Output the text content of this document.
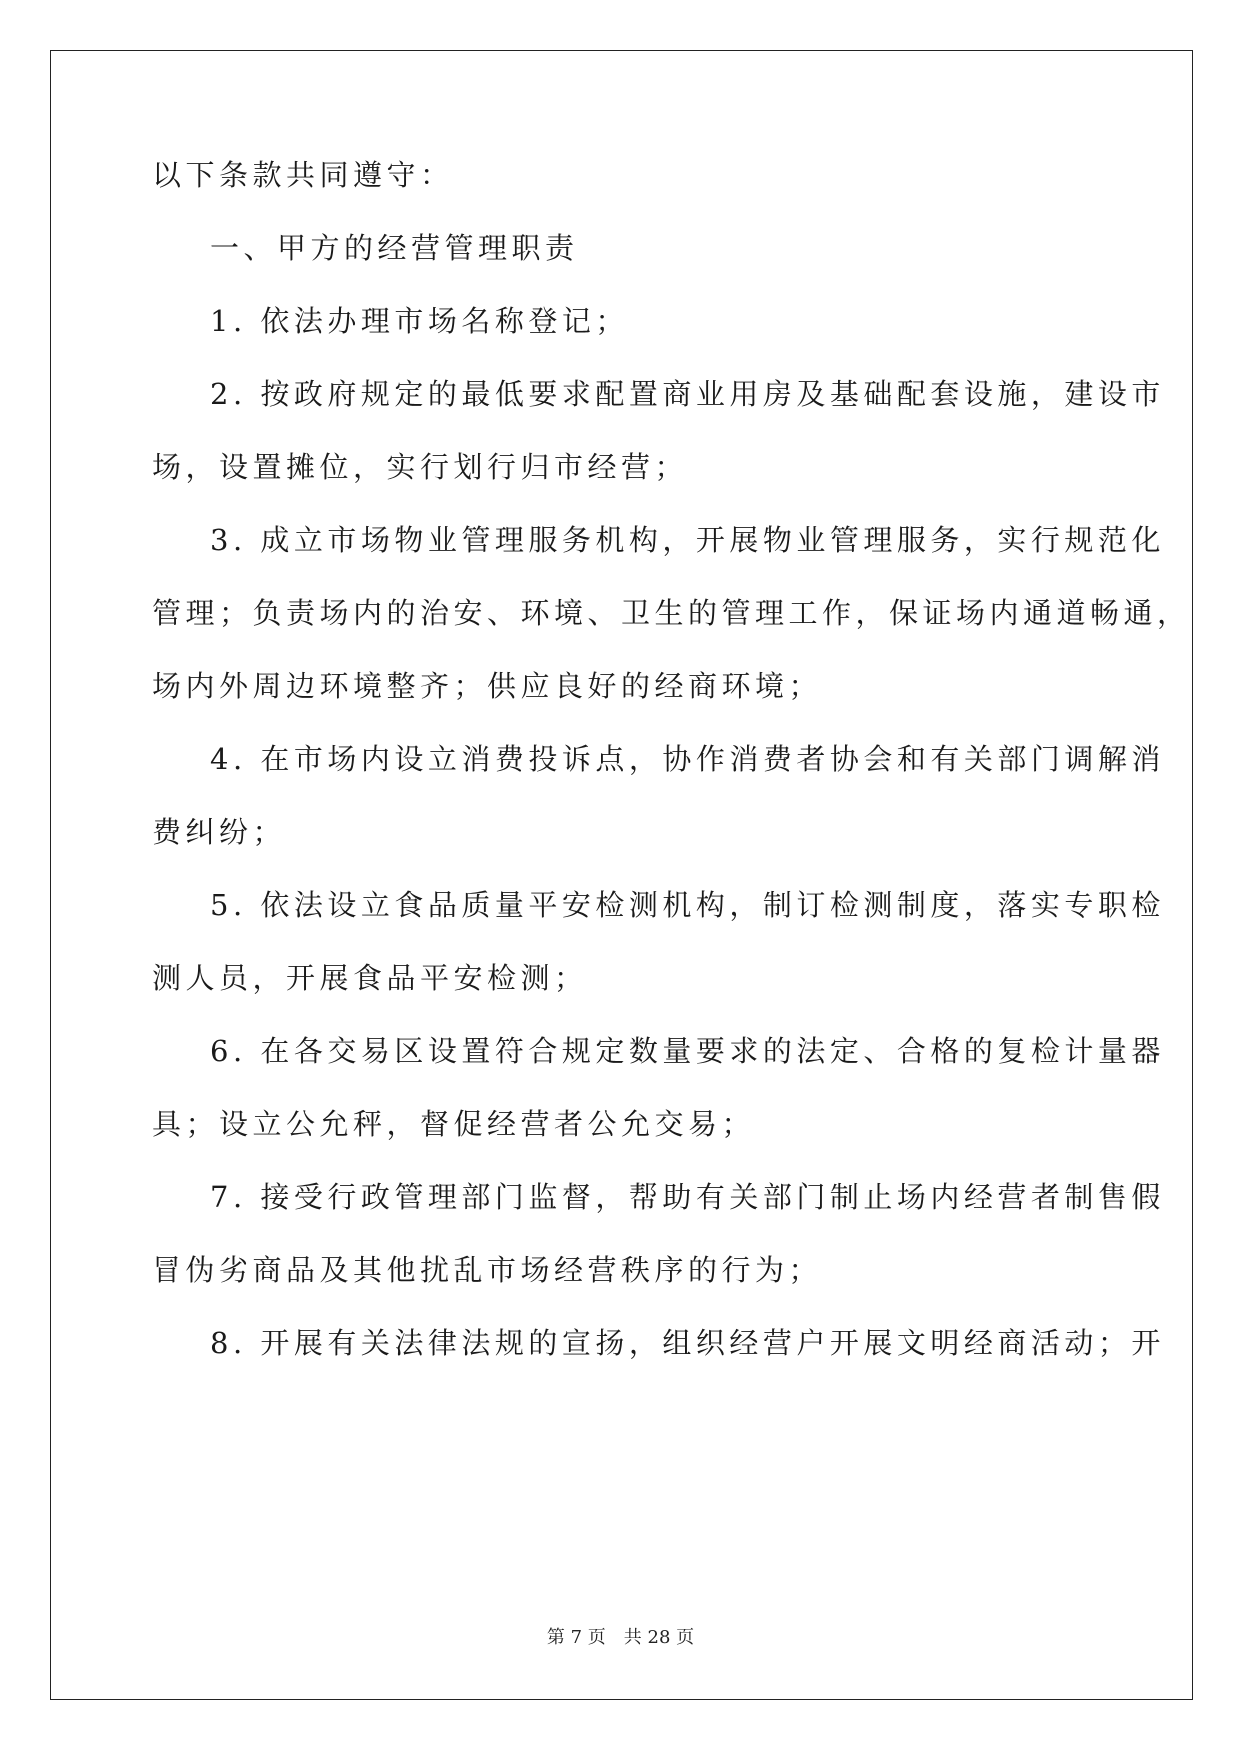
以下条款共同遵守：
一、甲方的经营管理职责
1. 依法办理市场名称登记；
2. 按政府规定的最低要求配置商业用房及基础配套设施，建设市
场，设置摊位，实行划行归市经营；
3. 成立市场物业管理服务机构，开展物业管理服务，实行规范化
管理；负责场内的治安、环境、卫生的管理工作，保证场内通道畅通，
场内外周边环境整齐；供应良好的经商环境；
4. 在市场内设立消费投诉点，协作消费者协会和有关部门调解消
费纠纷；
5. 依法设立食品质量平安检测机构，制订检测制度，落实专职检
测人员，开展食品平安检测；
6. 在各交易区设置符合规定数量要求的法定、合格的复检计量器
具；设立公允秤，督促经营者公允交易；
7. 接受行政管理部门监督，帮助有关部门制止场内经营者制售假
冒伪劣商品及其他扰乱市场经营秩序的行为；
8. 开展有关法律法规的宣扬，组织经营户开展文明经商活动；开
第 7 页　共 28 页
